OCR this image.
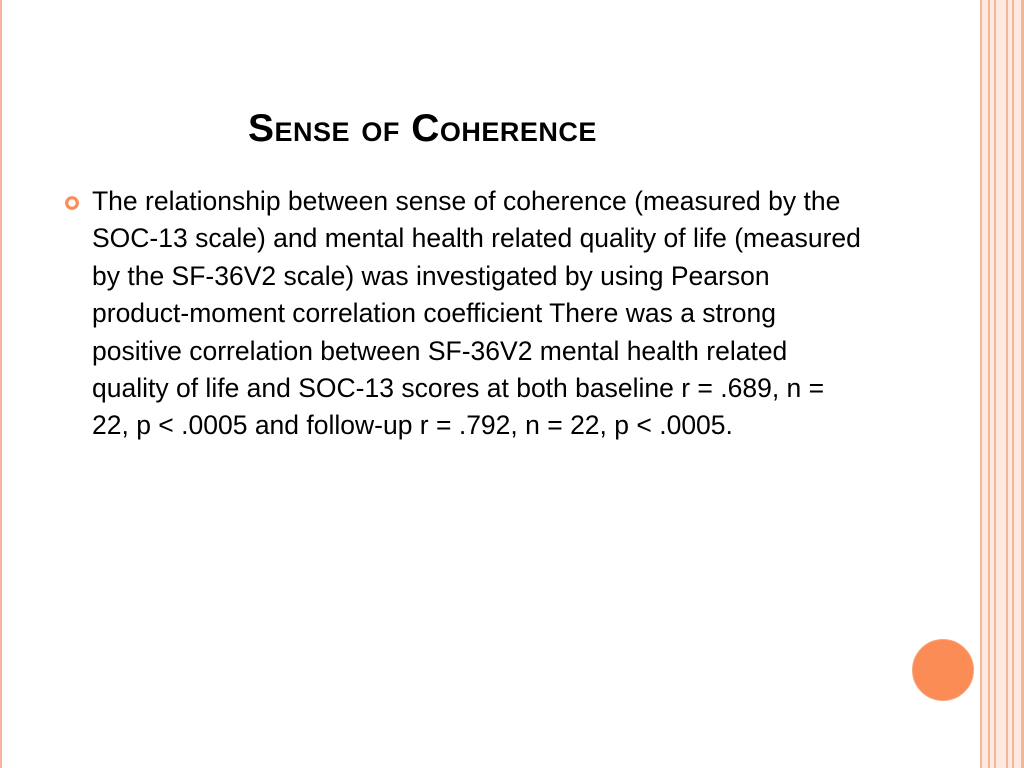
Sense of Coherence

The relationship between sense of coherence (measured by the SOC-13 scale) and mental health related quality of life (measured by the SF-36V2 scale) was investigated by using Pearson product-moment correlation coefficient There was a strong positive correlation between SF-36V2 mental health related quality of life and SOC-13 scores at both baseline r = .689, n = 22, p < .0005 and follow-up r = .792, n = 22, p < .0005.
